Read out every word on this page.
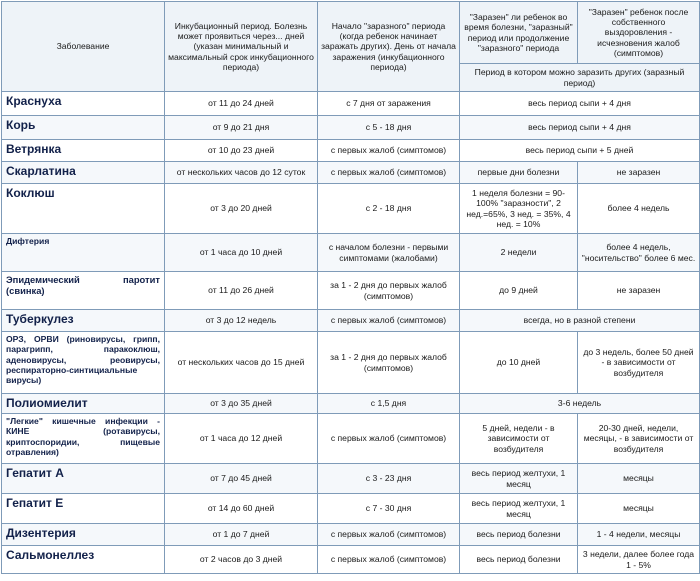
Заболевание	Инкубационный период. Болезнь может проявиться через... дней (указан минимальный и максимальный срок инкубационного периода)	Начало "заразного" периода (когда ребенок начинает заражать других). День от начала заражения (инкубационного периода)	"Заразен" ли ребенок во время болезни, "заразный" период или продолжение "заразного" периода	"Заразен" ребенок после собственного выздоровления - исчезновения жалоб (симптомов)
			Период в котором можно заразить других (заразный период)	
Краснуха	от 11 до 24 дней	с 7 дня от заражения	весь период сыпи + 4 дня	
Корь	от 9 до 21 дня	с 5 - 18 дня	весь период сыпи + 4 дня	
Ветрянка	от 10 до 23 дней	с первых жалоб (симптомов)	весь период сыпи + 5 дней	
Скарлатина	от нескольких часов до 12 суток	с первых жалоб (симптомов)	первые дни болезни	не заразен
Коклюш	от 3 до 20 дней	с 2 - 18 дня	1 неделя болезни = 90-100% "заразности", 2 нед.=65%, 3 нед. = 35%, 4 нед. = 10%	более 4 недель
Дифтерия	от 1 часа до 10 дней	с началом болезни - первыми симптомами (жалобами)	2 недели	более 4 недель, "носительство" более 6 мес.
Эпидемический паротит (свинка)	от 11 до 26 дней	за 1 - 2 дня до первых жалоб (симптомов)	до 9 дней	не заразен
Туберкулез	от 3 до 12 недель	с первых жалоб (симптомов)	всегда, но в разной степени	
ОРЗ, ОРВИ (риновирусы, грипп, парагрипп, паракоклюш, аденовирусы, реовирусы, респираторно-синтициальные вирусы)	от нескольких часов до 15 дней	за 1 - 2 дня до первых жалоб (симптомов)	до 10 дней	до 3 недель, более 50 дней - в зависимости от возбудителя
Полиомиелит	от 3 до 35 дней	с 1,5 дня	3-6 недель	
"Легкие" кишечные инфекции - КИНЕ (ротавирусы, криптоспоридии, пищевые отравления)	от 1 часа до 12 дней	с первых жалоб (симптомов)	5 дней, недели - в зависимости от возбудителя	20-30 дней, недели, месяцы, - в зависимости от возбудителя
Гепатит А	от 7 до 45 дней	с 3 - 23 дня	весь период желтухи, 1 месяц	месяцы
Гепатит Е	от 14 до 60 дней	с 7 - 30 дня	весь период желтухи, 1 месяц	месяцы
Дизентерия	от 1 до 7 дней	с первых жалоб (симптомов)	весь период болезни	1 - 4 недели, месяцы
Сальмонеллез	от 2 часов до 3 дней	с первых жалоб (симптомов)	весь период болезни	3 недели, далее более года 1 - 5%
